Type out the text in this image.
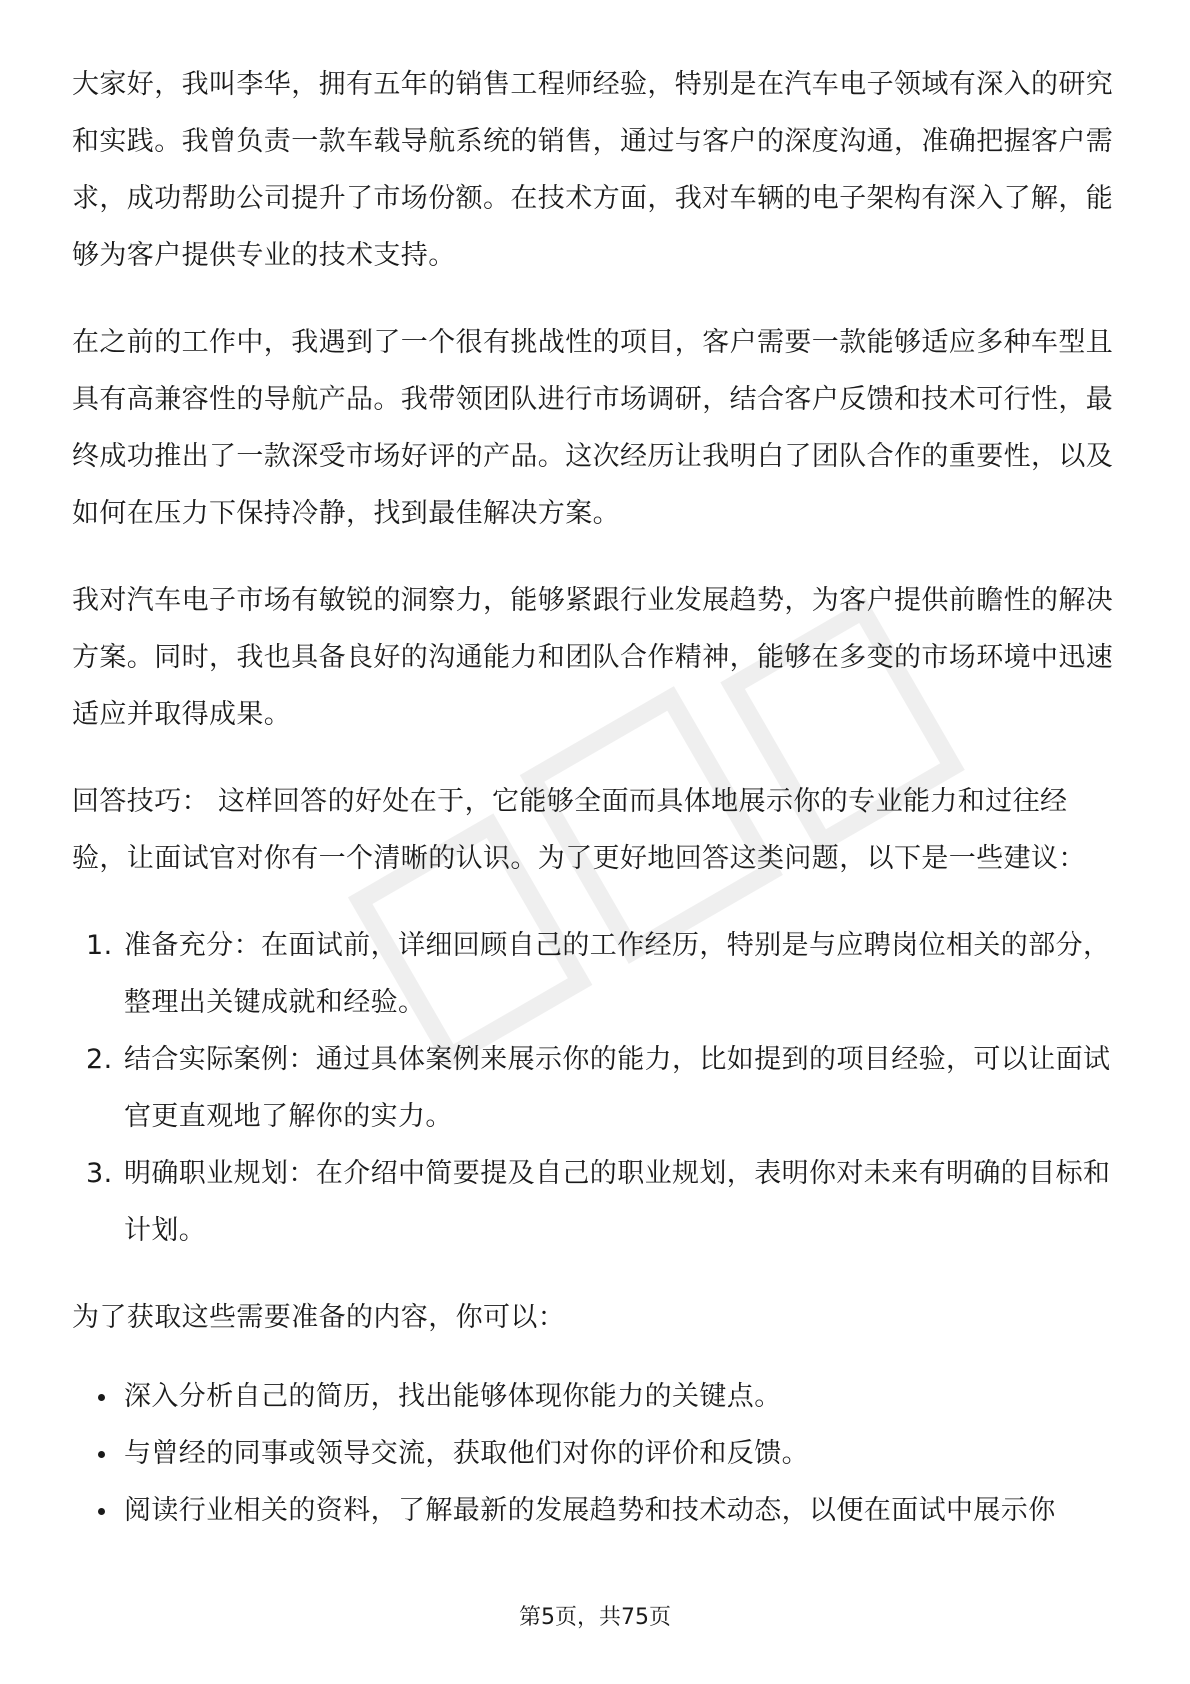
大家好，我叫李华，拥有五年的销售工程师经验，特别是在汽车电子领域有深入的研究和实践。我曾负责一款车载导航系统的销售，通过与客户的深度沟通，准确把握客户需求，成功帮助公司提升了市场份额。在技术方面，我对车辆的电子架构有深入了解，能够为客户提供专业的技术支持。

在之前的工作中，我遇到了一个很有挑战性的项目，客户需要一款能够适应多种车型且具有高兼容性的导航产品。我带领团队进行市场调研，结合客户反馈和技术可行性，最终成功推出了一款深受市场好评的产品。这次经历让我明白了团队合作的重要性，以及如何在压力下保持冷静，找到最佳解决方案。

我对汽车电子市场有敏锐的洞察力，能够紧跟行业发展趋势，为客户提供前瞻性的解决方案。同时，我也具备良好的沟通能力和团队合作精神，能够在多变的市场环境中迅速适应并取得成果。

回答技巧： 这样回答的好处在于，它能够全面而具体地展示你的专业能力和过往经验，让面试官对你有一个清晰的认识。为了更好地回答这类问题，以下是一些建议：

1. 准备充分：在面试前，详细回顾自己的工作经历，特别是与应聘岗位相关的部分，整理出关键成就和经验。
2. 结合实际案例：通过具体案例来展示你的能力，比如提到的项目经验，可以让面试官更直观地了解你的实力。
3. 明确职业规划：在介绍中简要提及自己的职业规划，表明你对未来有明确的目标和计划。

为了获取这些需要准备的内容，你可以：

深入分析自己的简历，找出能够体现你能力的关键点。
与曾经的同事或领导交流，获取他们对你的评价和反馈。
阅读行业相关的资料，了解最新的发展趋势和技术动态，以便在面试中展示你
第5页，共75页
